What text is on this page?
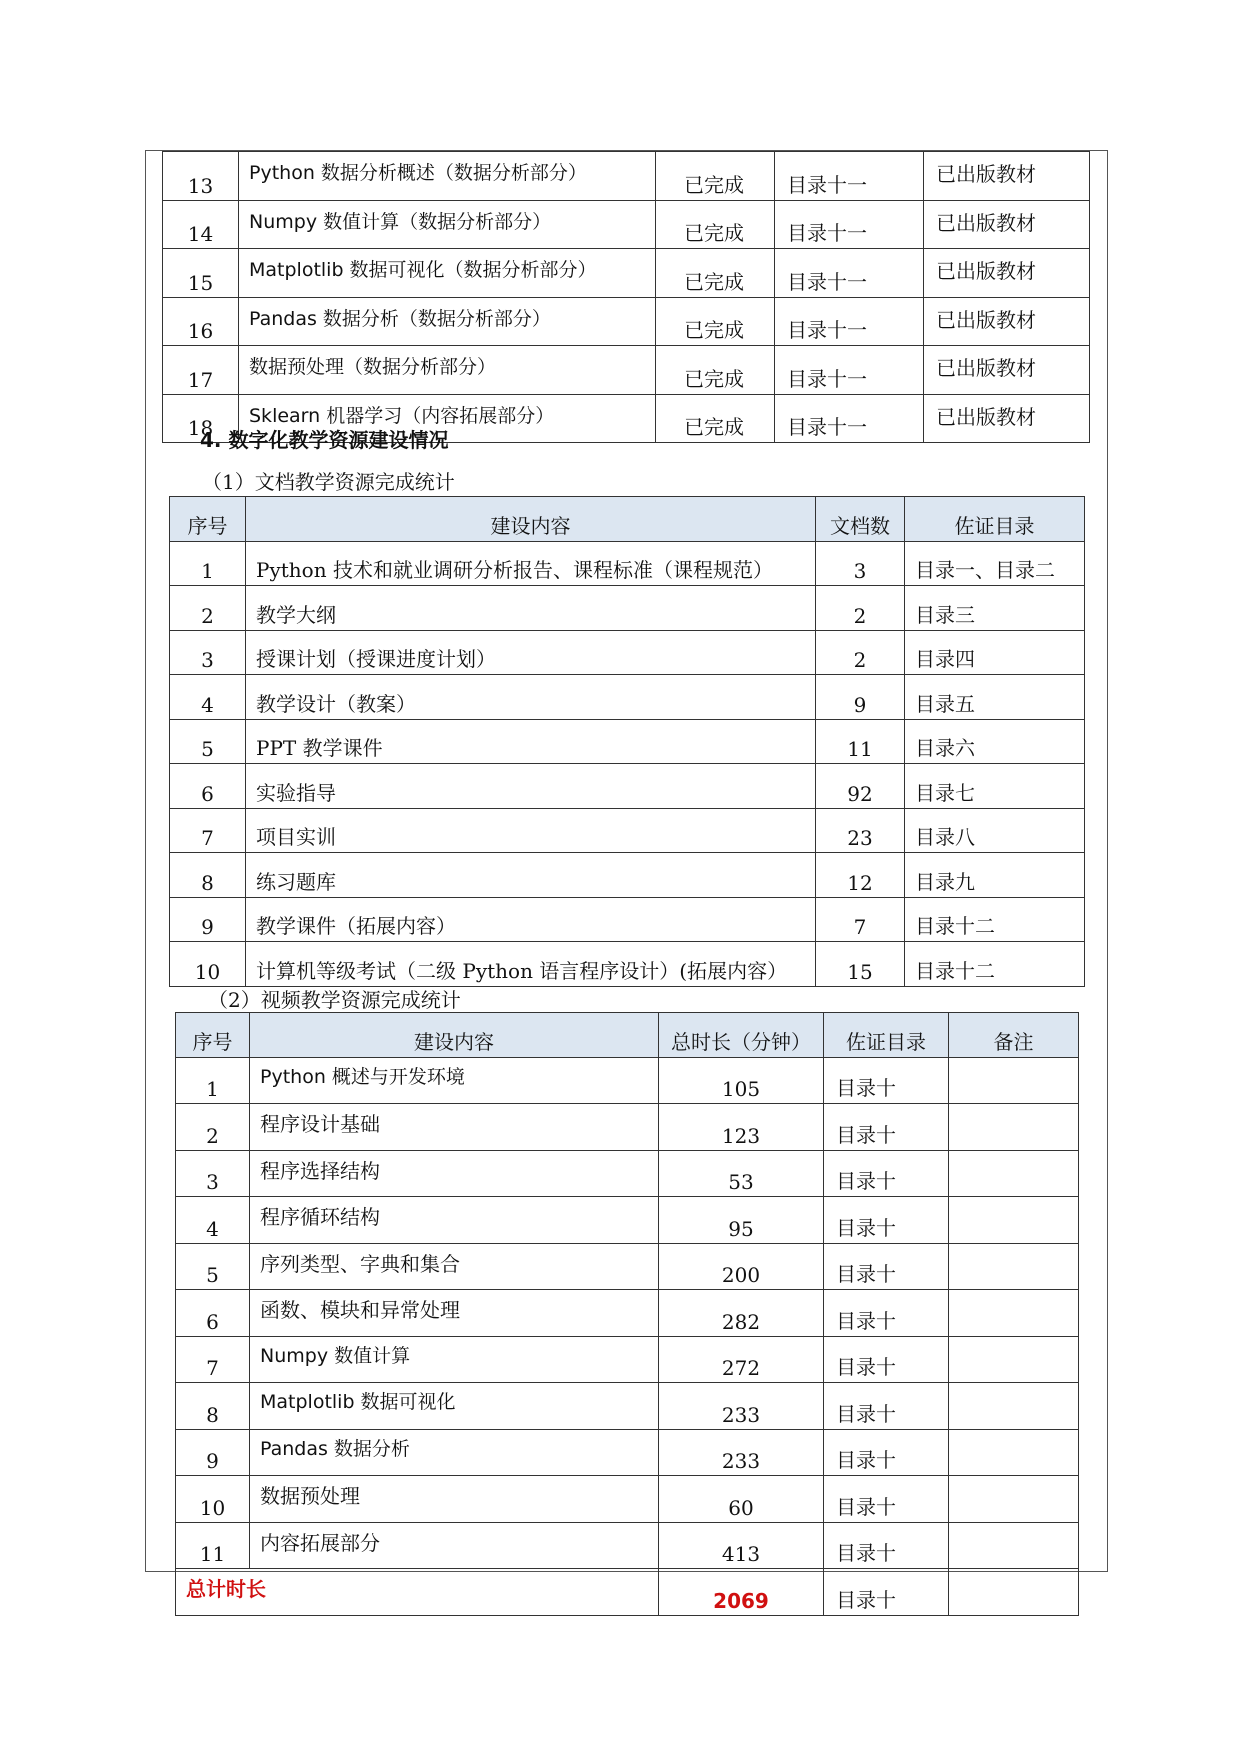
13	Python 数据分析概述（数据分析部分）	已完成	目录十一	已出版教材
14	Numpy 数值计算（数据分析部分）	已完成	目录十一	已出版教材
15	Matplotlib 数据可视化（数据分析部分）	已完成	目录十一	已出版教材
16	Pandas 数据分析（数据分析部分）	已完成	目录十一	已出版教材
17	数据预处理（数据分析部分）	已完成	目录十一	已出版教材
18	Sklearn 机器学习（内容拓展部分）	已完成	目录十一	已出版教材
4. 数字化教学资源建设情况
（1）文档教学资源完成统计
序号	建设内容	文档数	佐证目录
1	Python 技术和就业调研分析报告、课程标准（课程规范）	3	目录一、目录二
2	教学大纲	2	目录三
3	授课计划（授课进度计划）	2	目录四
4	教学设计（教案）	9	目录五
5	PPT 教学课件	11	目录六
6	实验指导	92	目录七
7	项目实训	23	目录八
8	练习题库	12	目录九
9	教学课件（拓展内容）	7	目录十二
10	计算机等级考试（二级 Python 语言程序设计）(拓展内容）	15	目录十二
（2）视频教学资源完成统计
序号	建设内容	总时长（分钟）	佐证目录	备注
1	Python 概述与开发环境	105	目录十	
2	程序设计基础	123	目录十	
3	程序选择结构	53	目录十	
4	程序循环结构	95	目录十	
5	序列类型、字典和集合	200	目录十	
6	函数、模块和异常处理	282	目录十	
7	Numpy 数值计算	272	目录十	
8	Matplotlib 数据可视化	233	目录十	
9	Pandas 数据分析	233	目录十	
10	数据预处理	60	目录十	
11	内容拓展部分	413	目录十	
总计时长		2069	目录十	
